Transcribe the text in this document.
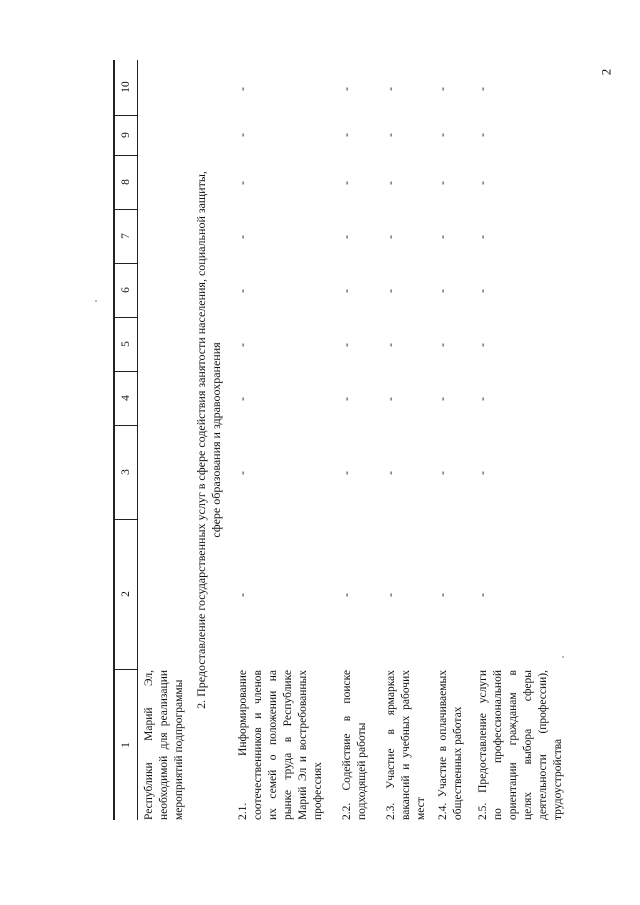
2
1
2
3
4
5
6
7
8
9
10
Республики Марий Эл, необходимой для реализации мероприятий подпрограммы
2. Предоставление государственных услуг в сфере содействия занятости населения, социальной защиты, сфере образования и здравоохранения
2.1. Информирование соотечественников и членов их семей о положении на рынке труда в Республике Марий Эл и востребованных профессиях
-
-
-
-
-
-
-
-
-
2.2. Содействие в поиске подходящей работы
-
-
-
-
-
-
-
-
-
2.3. Участие в ярмарках вакансий и учебных рабочих мест
-
-
-
-
-
-
-
-
-
2.4. Участие в оплачиваемых общественных работах
-
-
-
-
-
-
-
-
-
2.5. Предоставление услуги по профессиональной ориентации гражданам в целях выбора сферы деятельности (профессии), трудоустройства
-
-
-
-
-
-
-
-
-
